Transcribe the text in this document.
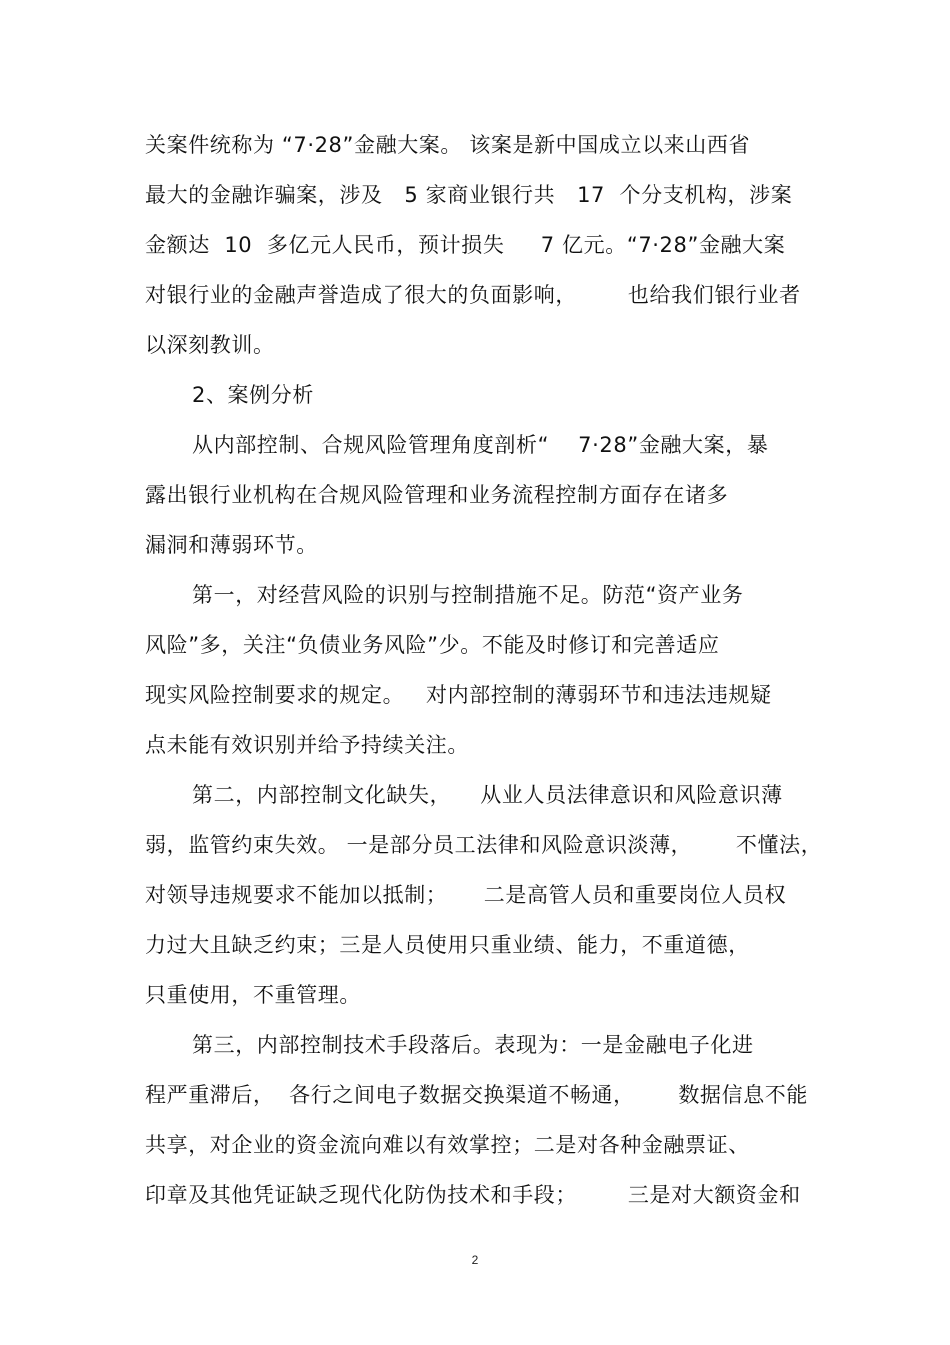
关案件统称为 “7·28”金融大案。 该案是新中国成立以来山西省
最大的金融诈骗案，涉及   5 家商业银行共   17  个分支机构，涉案
金额达  10  多亿元人民币，预计损失     7 亿元。“7·28”金融大案
对银行业的金融声誉造成了很大的负面影响，       也给我们银行业者
以深刻教训。
2、案例分析
从内部控制、合规风险管理角度剖析“    7·28”金融大案，暴
露出银行业机构在合规风险管理和业务流程控制方面存在诸多
漏洞和薄弱环节。
第一，对经营风险的识别与控制措施不足。防范“资产业务
风险”多，关注“负债业务风险”少。不能及时修订和完善适应
现实风险控制要求的规定。   对内部控制的薄弱环节和违法违规疑
点未能有效识别并给予持续关注。
第二，内部控制文化缺失，    从业人员法律意识和风险意识薄
弱，监管约束失效。 一是部分员工法律和风险意识淡薄，      不懂法，
对领导违规要求不能加以抵制；     二是高管人员和重要岗位人员权
力过大且缺乏约束；三是人员使用只重业绩、能力，不重道德，
只重使用，不重管理。
第三，内部控制技术手段落后。表现为：一是金融电子化进
程严重滞后，  各行之间电子数据交换渠道不畅通，      数据信息不能
共享，对企业的资金流向难以有效掌控；二是对各种金融票证、
印章及其他凭证缺乏现代化防伪技术和手段；       三是对大额资金和
2
